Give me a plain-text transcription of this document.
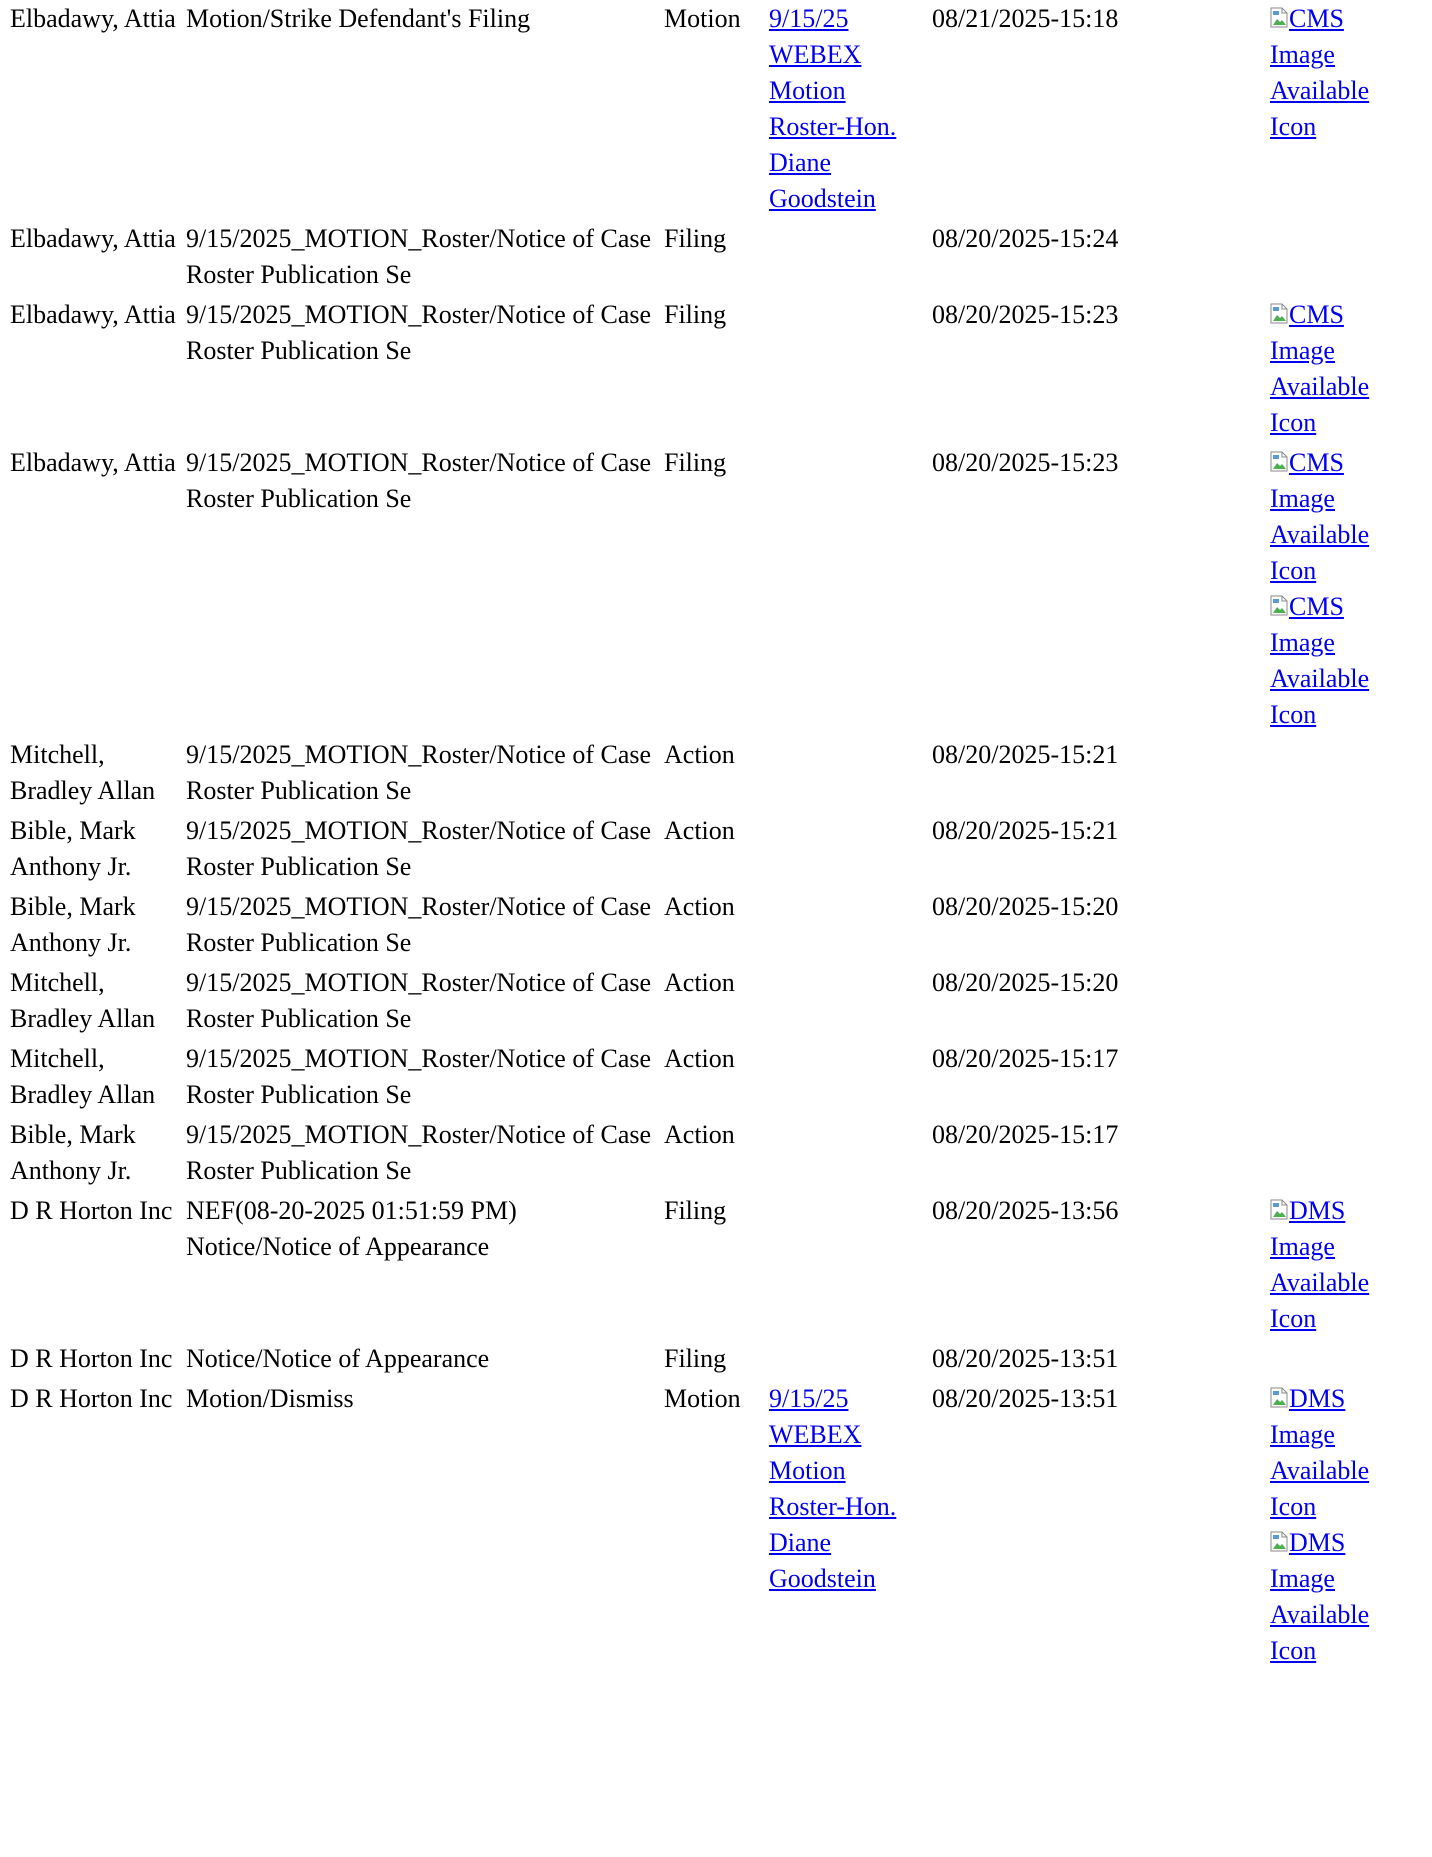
Elbadawy, Attia	Motion/Strike Defendant's Filing	Motion	9/15/25 WEBEX Motion Roster-Hon. Diane Goodstein	08/21/2025-15:18	CMS Image Available Icon

Elbadawy, Attia	9/15/2025_MOTION_Roster/Notice of Case Roster Publication Se	Filing		08/20/2025-15:24	
Elbadawy, Attia	9/15/2025_MOTION_Roster/Notice of Case Roster Publication Se	Filing		08/20/2025-15:23	CMS Image Available Icon

Elbadawy, Attia	9/15/2025_MOTION_Roster/Notice of Case Roster Publication Se	Filing		08/20/2025-15:23	CMS Image Available Icon
CMS Image Available Icon

Mitchell, Bradley Allan	9/15/2025_MOTION_Roster/Notice of Case Roster Publication Se	Action		08/20/2025-15:21	
Bible, Mark Anthony Jr.	9/15/2025_MOTION_Roster/Notice of Case Roster Publication Se	Action		08/20/2025-15:21	
Bible, Mark Anthony Jr.	9/15/2025_MOTION_Roster/Notice of Case Roster Publication Se	Action		08/20/2025-15:20	
Mitchell, Bradley Allan	9/15/2025_MOTION_Roster/Notice of Case Roster Publication Se	Action		08/20/2025-15:20	
Mitchell, Bradley Allan	9/15/2025_MOTION_Roster/Notice of Case Roster Publication Se	Action		08/20/2025-15:17	
Bible, Mark Anthony Jr.	9/15/2025_MOTION_Roster/Notice of Case Roster Publication Se	Action		08/20/2025-15:17	
D R Horton Inc	NEF(08-20-2025 01:51:59 PM) Notice/Notice of Appearance	Filing		08/20/2025-13:56	DMS Image Available Icon

D R Horton Inc	Notice/Notice of Appearance	Filing		08/20/2025-13:51	
D R Horton Inc	Motion/Dismiss	Motion	9/15/25 WEBEX Motion Roster-Hon. Diane Goodstein	08/20/2025-13:51	DMS Image Available Icon
DMS Image Available Icon
